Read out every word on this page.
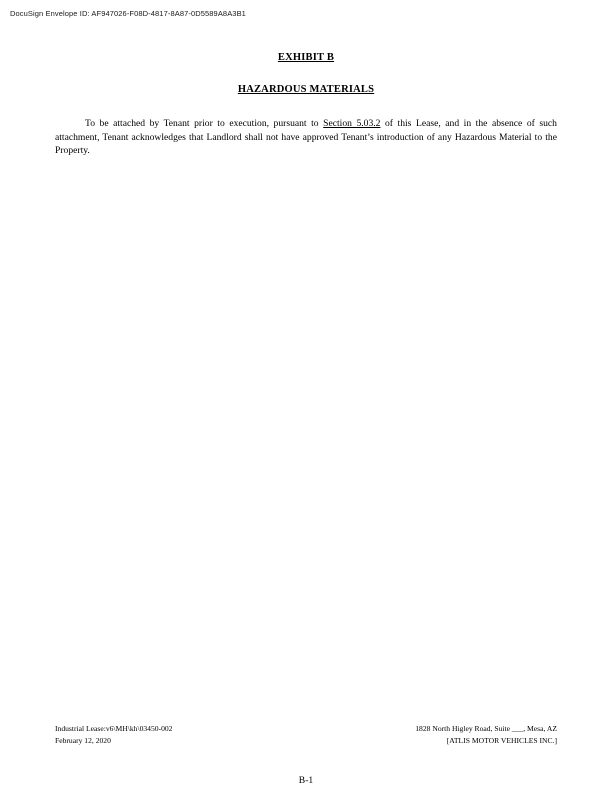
DocuSign Envelope ID: AF947026-F08D-4817-8A87-0D5589A8A3B1
EXHIBIT B
HAZARDOUS MATERIALS

To be attached by Tenant prior to execution, pursuant to Section 5.03.2 of this Lease, and in the absence of such attachment, Tenant acknowledges that Landlord shall not have approved Tenant’s introduction of any Hazardous Material to the Property.

Industrial Lease:v6\MH\kh\03450-002	1828 North Higley Road, Suite ___, Mesa, AZ
February 12, 2020	[ATLIS MOTOR VEHICLES INC.]
B-1
